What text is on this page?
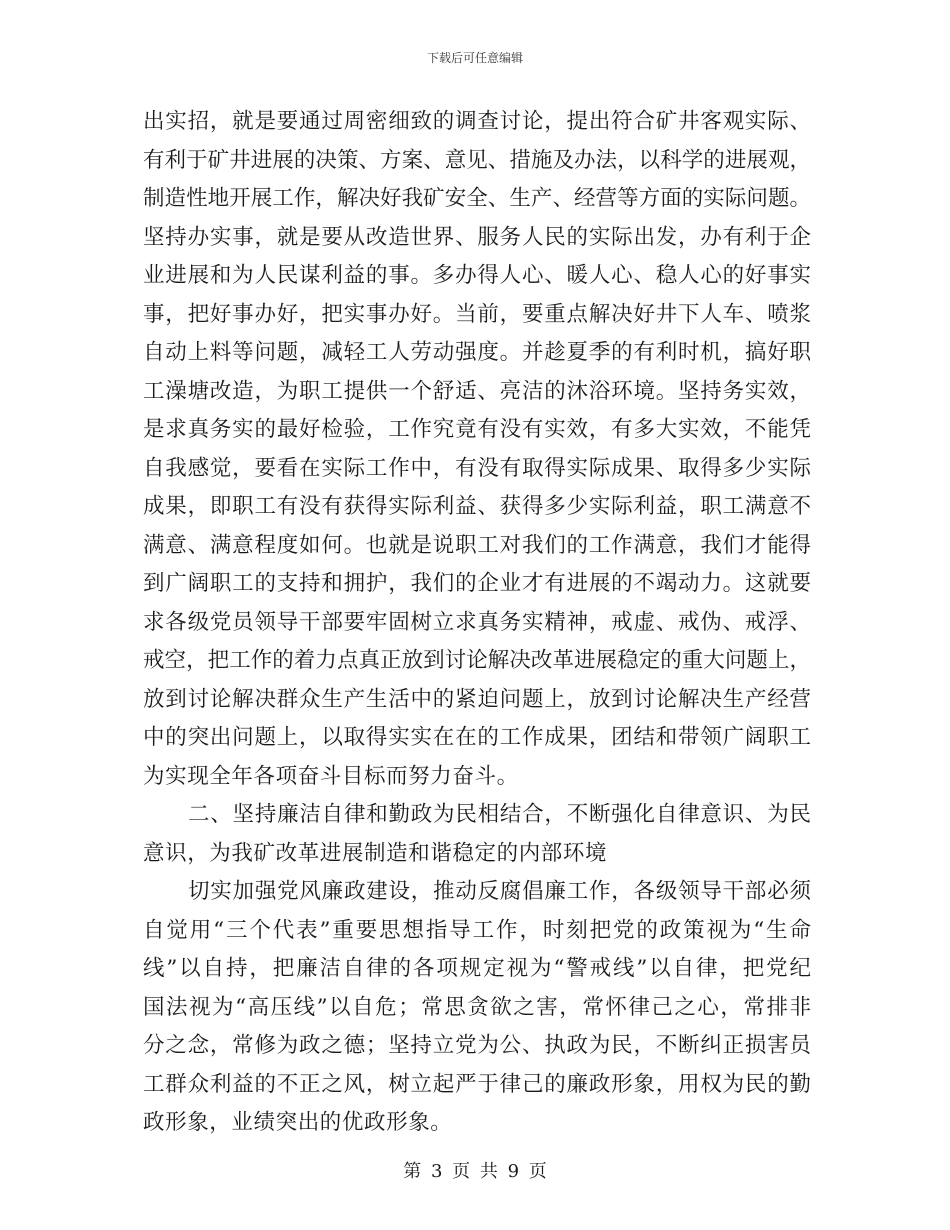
下载后可任意编辑
出实招，就是要通过周密细致的调查讨论，提出符合矿井客观实际、
有利于矿井进展的决策、方案、意见、措施及办法，以科学的进展观，
制造性地开展工作，解决好我矿安全、生产、经营等方面的实际问题。
坚持办实事，就是要从改造世界、服务人民的实际出发，办有利于企
业进展和为人民谋利益的事。多办得人心、暖人心、稳人心的好事实
事，把好事办好，把实事办好。当前，要重点解决好井下人车、喷浆
自动上料等问题，减轻工人劳动强度。并趁夏季的有利时机，搞好职
工澡塘改造，为职工提供一个舒适、亮洁的沐浴环境。坚持务实效，
是求真务实的最好检验，工作究竟有没有实效，有多大实效，不能凭
自我感觉，要看在实际工作中，有没有取得实际成果、取得多少实际
成果，即职工有没有获得实际利益、获得多少实际利益，职工满意不
满意、满意程度如何。也就是说职工对我们的工作满意，我们才能得
到广阔职工的支持和拥护，我们的企业才有进展的不竭动力。这就要
求各级党员领导干部要牢固树立求真务实精神，戒虚、戒伪、戒浮、
戒空，把工作的着力点真正放到讨论解决改革进展稳定的重大问题上，
放到讨论解决群众生产生活中的紧迫问题上，放到讨论解决生产经营
中的突出问题上，以取得实实在在的工作成果，团结和带领广阔职工
为实现全年各项奋斗目标而努力奋斗。
二、坚持廉洁自律和勤政为民相结合，不断强化自律意识、为民
意识，为我矿改革进展制造和谐稳定的内部环境
切实加强党风廉政建设，推动反腐倡廉工作，各级领导干部必须
自觉用“三个代表”重要思想指导工作，时刻把党的政策视为“生命
线”以自持，把廉洁自律的各项规定视为“警戒线”以自律，把党纪
国法视为“高压线”以自危；常思贪欲之害，常怀律己之心，常排非
分之念，常修为政之德；坚持立党为公、执政为民，不断纠正损害员
工群众利益的不正之风，树立起严于律己的廉政形象，用权为民的勤
政形象，业绩突出的优政形象。
第 3 页 共 9 页
